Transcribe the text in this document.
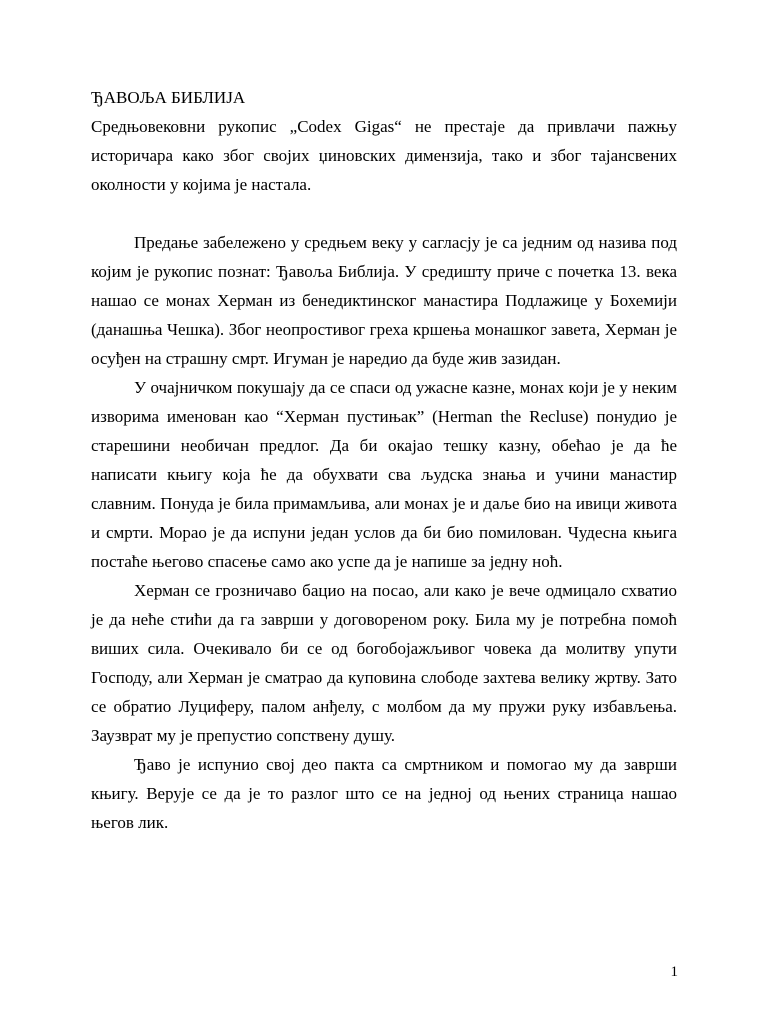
ЂАВОЉА БИБЛИЈА

Средњовековни рукопис „Codex Gigas“ не престаје да привлачи пажњу историчара како због својих џиновских димензија, тако и због тајансвених околности у којима је настала.

Предање забележено у средњем веку у сагласју је са једним од назива под којим је рукопис познат: Ђавоља Библија. У средишту приче с почетка 13. века нашао се монах Херман из бенедиктинског манастира Подлажице у Бохемији (данашња Чешка). Због неопростивог греха кршења монашког завета, Херман је осуђен на страшну смрт. Игуман је наредио да буде жив зазидан.

У очајничком покушају да се спаси од ужасне казне, монах који је у неким изворима именован као “Херман пустињак” (Herman the Recluse) понудио је старешини необичан предлог. Да би окајао тешку казну, обећао је да ће написати књигу која ће да обухвати сва људска знања и учини манастир славним. Понуда је била примамљива, али монах је и даље био на ивици живота и смрти. Морао је да испуни један услов да би био помилован. Чудесна књига постаће његово спасење само ако успе да је напише за једну ноћ.

Херман се грозничаво бацио на посао, али како је вече одмицало схватио је да неће стићи да га заврши у договореном року. Била му је потребна помоћ виших сила. Очекивало би се од богобојажљивог човека да молитву упути Господу, али Херман је сматрао да куповина слободе захтева велику жртву. Зато се обратио Луциферу, палом анђелу, с молбом да му пружи руку избављења. Заузврат му је препустио сопствену душу.

Ђаво је испунио свој део пакта са смртником и помогао му да заврши књигу. Верује се да је то разлог што се на једној од њених страница нашао његов лик.

1
